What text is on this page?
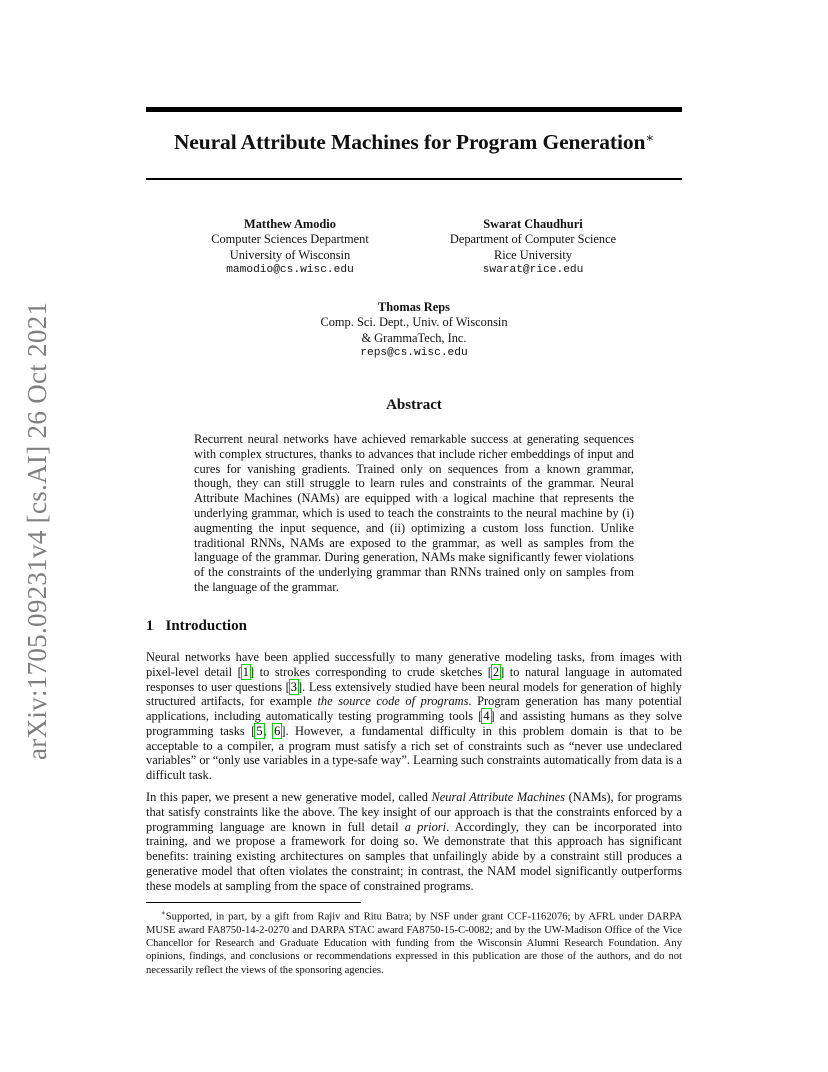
arXiv:1705.09231v4 [cs.AI] 26 Oct 2021
Neural Attribute Machines for Program Generation∗
Matthew Amodio
Computer Sciences Department
University of Wisconsin
mamodio@cs.wisc.edu
Swarat Chaudhuri
Department of Computer Science
Rice University
swarat@rice.edu
Thomas Reps
Comp. Sci. Dept., Univ. of Wisconsin
& GrammaTech, Inc.
reps@cs.wisc.edu
Abstract
Recurrent neural networks have achieved remarkable success at generating sequences with complex structures, thanks to advances that include richer embeddings of input and cures for vanishing gradients. Trained only on sequences from a known grammar, though, they can still struggle to learn rules and constraints of the grammar. Neural Attribute Machines (NAMs) are equipped with a logical machine that represents the underlying grammar, which is used to teach the constraints to the neural machine by (i) augmenting the input sequence, and (ii) optimizing a custom loss function. Unlike traditional RNNs, NAMs are exposed to the grammar, as well as samples from the language of the grammar. During generation, NAMs make significantly fewer violations of the constraints of the underlying grammar than RNNs trained only on samples from the language of the grammar.
1 Introduction

Neural networks have been applied successfully to many generative modeling tasks, from images with pixel-level detail [1] to strokes corresponding to crude sketches [2] to natural language in automated responses to user questions [3]. Less extensively studied have been neural models for generation of highly structured artifacts, for example the source code of programs. Program generation has many potential applications, including automatically testing programming tools [4] and assisting humans as they solve programming tasks [5, 6]. However, a fundamental difficulty in this problem domain is that to be acceptable to a compiler, a program must satisfy a rich set of constraints such as “never use undeclared variables” or “only use variables in a type-safe way”. Learning such constraints automatically from data is a difficult task.

In this paper, we present a new generative model, called Neural Attribute Machines (NAMs), for programs that satisfy constraints like the above. The key insight of our approach is that the constraints enforced by a programming language are known in full detail a priori. Accordingly, they can be incorporated into training, and we propose a framework for doing so. We demonstrate that this approach has significant benefits: training existing architectures on samples that unfailingly abide by a constraint still produces a generative model that often violates the constraint; in contrast, the NAM model significantly outperforms these models at sampling from the space of constrained programs.

∗Supported, in part, by a gift from Rajiv and Ritu Batra; by NSF under grant CCF-1162076; by AFRL under DARPA MUSE award FA8750-14-2-0270 and DARPA STAC award FA8750-15-C-0082; and by the UW-Madison Office of the Vice Chancellor for Research and Graduate Education with funding from the Wisconsin Alumni Research Foundation. Any opinions, findings, and conclusions or recommendations expressed in this publication are those of the authors, and do not necessarily reflect the views of the sponsoring agencies.
